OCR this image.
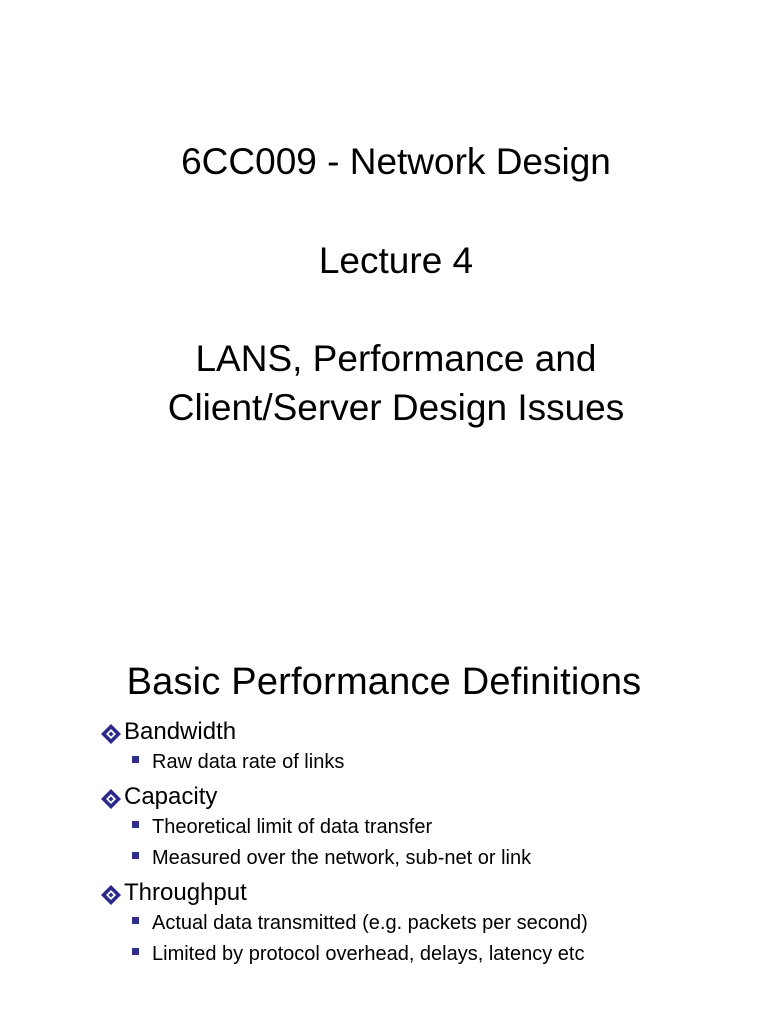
6CC009 - Network Design
Lecture 4
LANS, Performance and
Client/Server Design Issues
Basic Performance Definitions
Bandwidth
Raw data rate of links
Capacity
Theoretical limit of data transfer
Measured over the network, sub-net or link
Throughput
Actual data transmitted (e.g. packets per second)
Limited by protocol overhead, delays, latency etc
